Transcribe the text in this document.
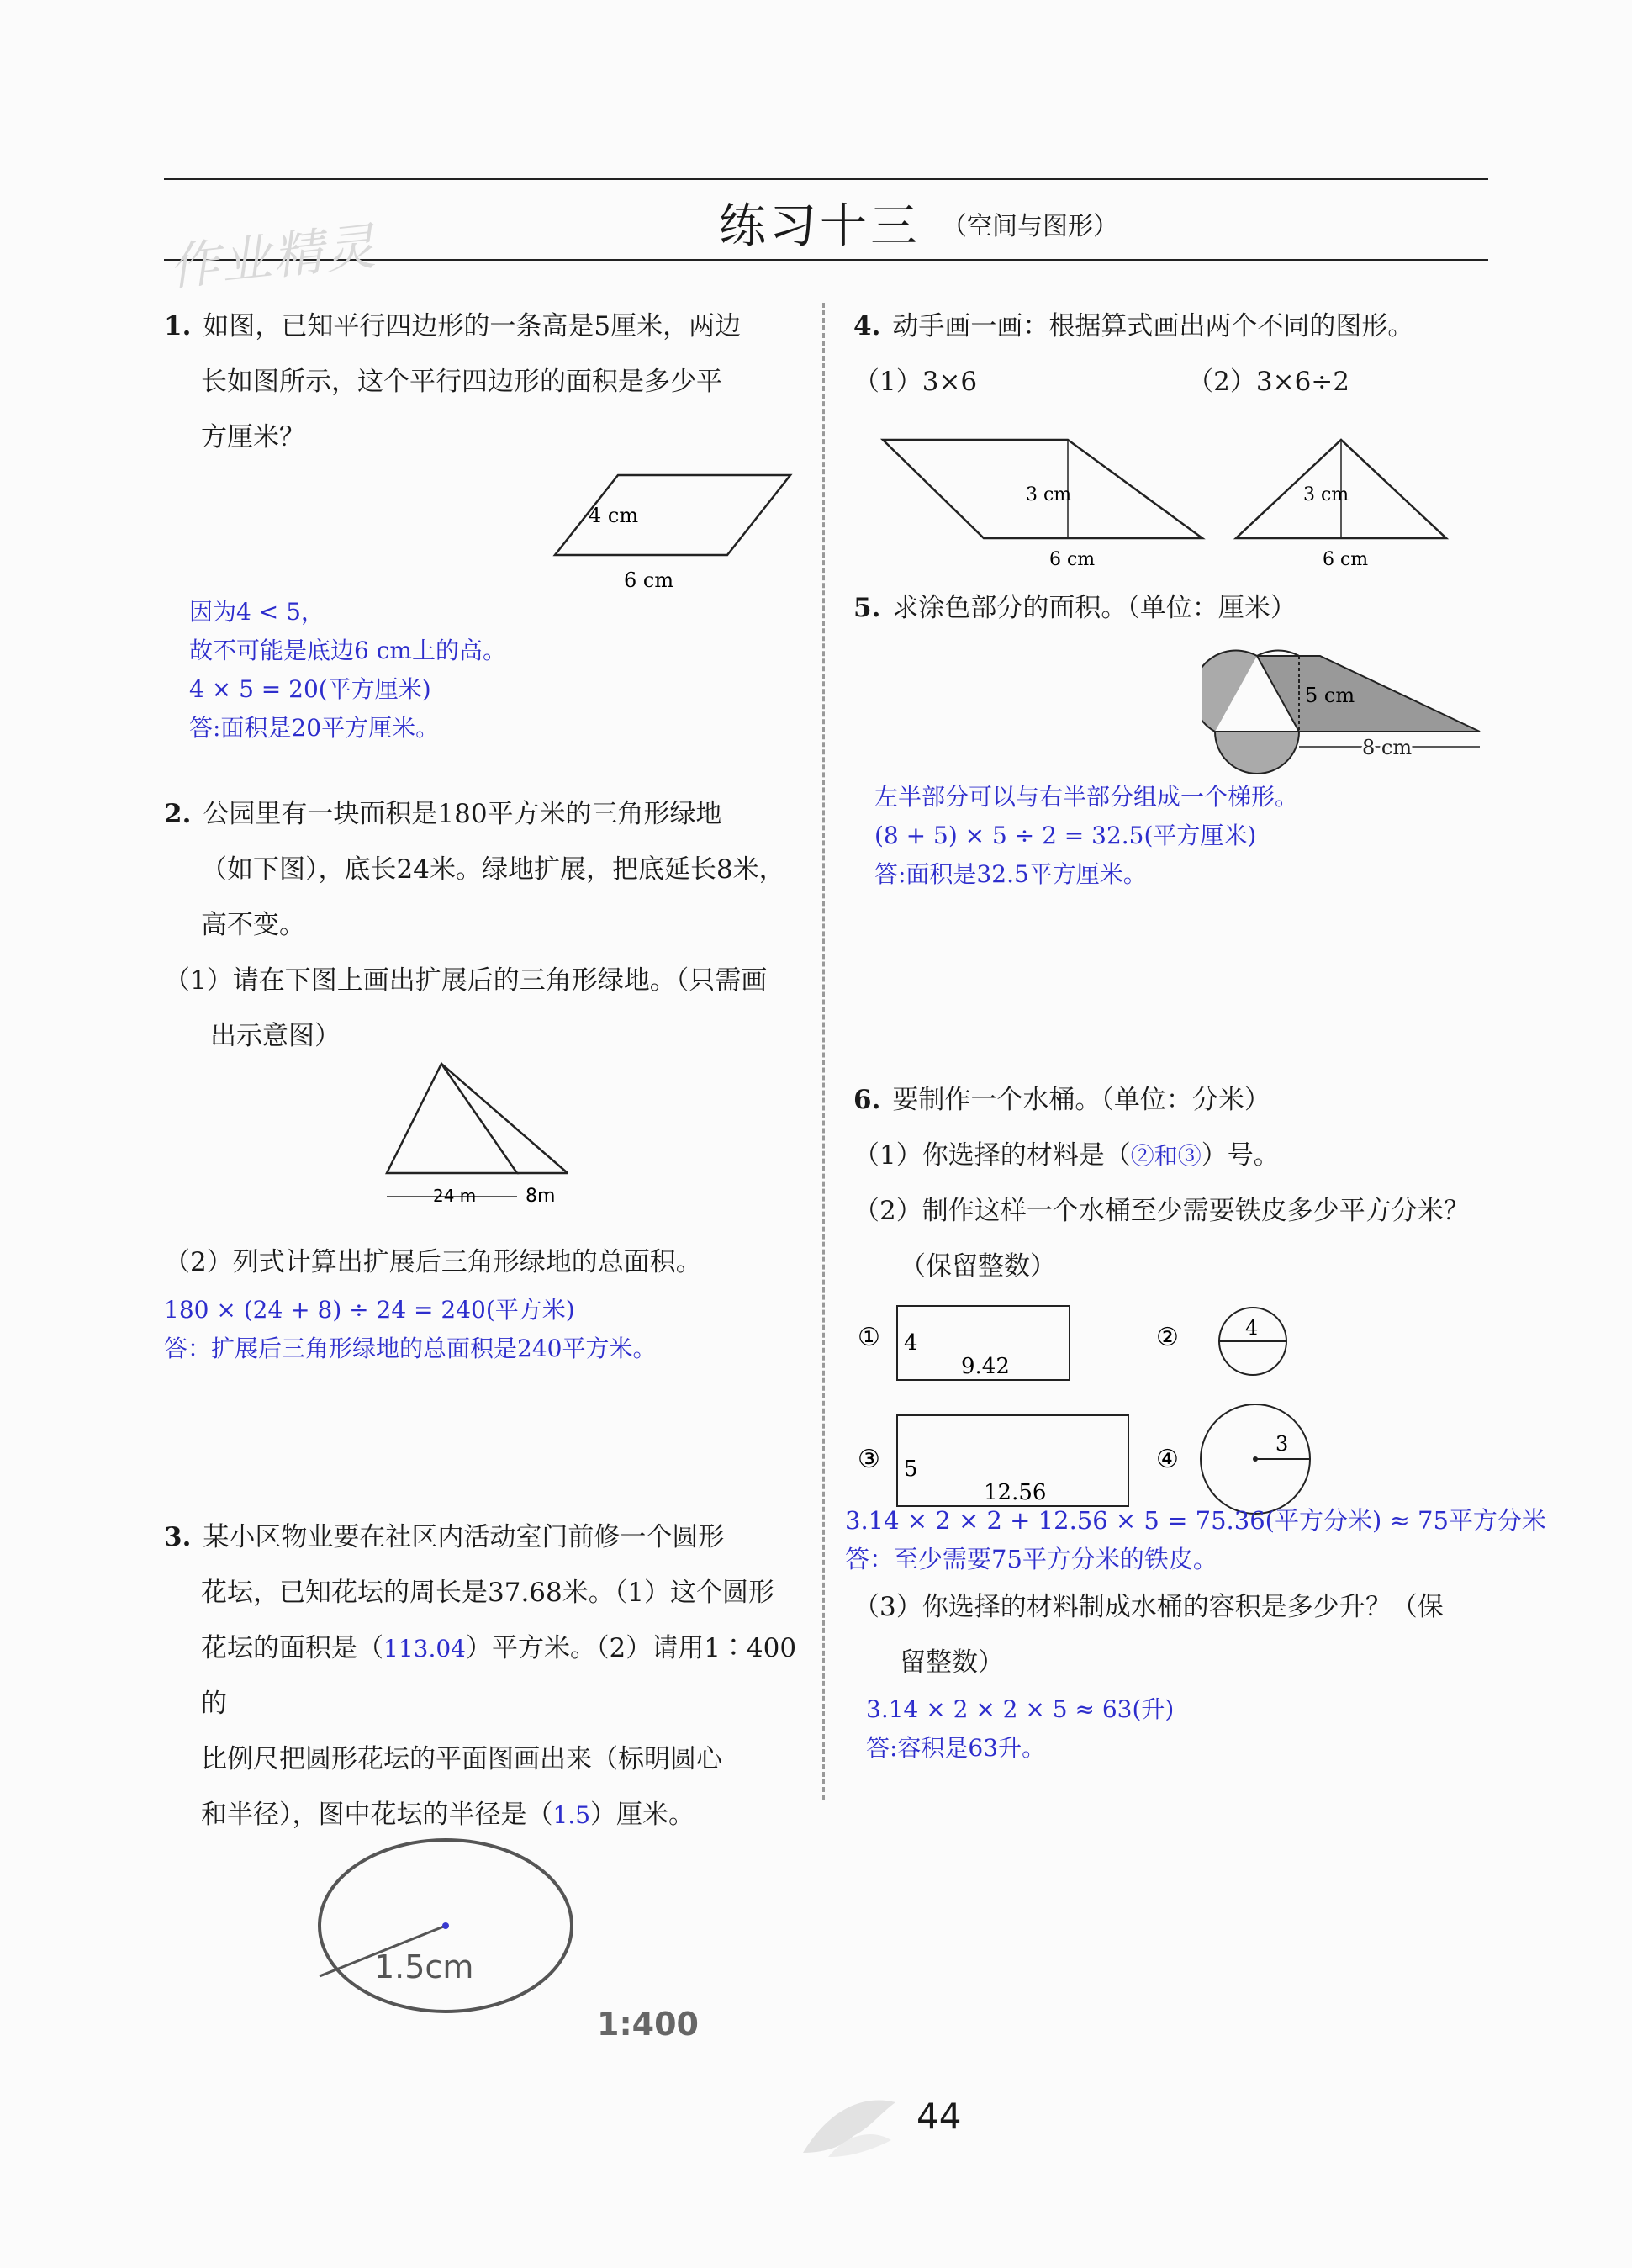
作业精灵	练习十三 （空间与图形）
1. 如图，已知平行四边形的一条高是5厘米，两边
长如图所示，这个平行四边形的面积是多少平
方厘米？
4 cm
6 cm
因为4 < 5，
故不可能是底边6 cm上的高。
4 × 5 = 20(平方厘米)
答:面积是20平方厘米。
2. 公园里有一块面积是180平方米的三角形绿地
（如下图），底长24米。绿地扩展，把底延长8米，
高不变。
（1）请在下图上画出扩展后的三角形绿地。（只需画
出示意图）
24 m	8m
（2）列式计算出扩展后三角形绿地的总面积。
180 × (24 + 8) ÷ 24 = 240(平方米)
答：扩展后三角形绿地的总面积是240平方米。
3. 某小区物业要在社区内活动室门前修一个圆形
花坛，已知花坛的周长是37.68米。（1）这个圆形
花坛的面积是（113.04）平方米。（2）请用1∶400的
比例尺把圆形花坛的平面图画出来（标明圆心
和半径），图中花坛的半径是（1.5）厘米。
1.5cm
1:400
4. 动手画一画：根据算式画出两个不同的图形。
（1）3×6	（2）3×6÷2
3 cm
6 cm
3 cm
6 cm
5. 求涂色部分的面积。（单位：厘米）
5 cm
8 cm
左半部分可以与右半部分组成一个梯形。
(8 + 5) × 5 ÷ 2 = 32.5(平方厘米)
答:面积是32.5平方厘米。
6. 要制作一个水桶。（单位：分米）
（1）你选择的材料是（②和③）号。
（2）制作这样一个水桶至少需要铁皮多少平方分米？
（保留整数）
① 4
9.42
②	4
③ 5
12.56
④
3
3.14 × 2 × 2 + 12.56 × 5 = 75.36(平方分米) ≈ 75平方分米
答：至少需要75平方分米的铁皮。
（3）你选择的材料制成水桶的容积是多少升？（保
留整数）
3.14 × 2 × 2 × 5 ≈ 63(升)
答:容积是63升。
44
